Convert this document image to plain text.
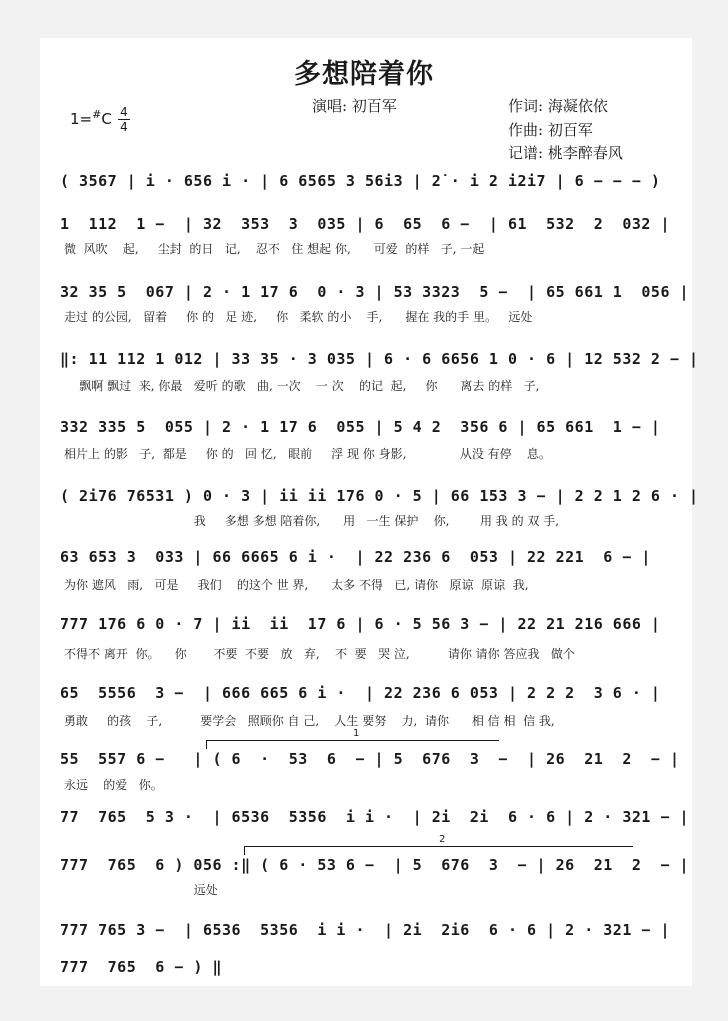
多想陪着你
演唱: 初百军	作词: 海凝依依
作曲: 初百军
记谱: 桃李醉春风
1=#C 4
4
( 3567 | i · 656 i · | 6 6565 3 56i3 | 2̇ · i 2 i2i7 | 6 − − − )
1  112  1 −  | 32  353  3  035 | 6  65  6 −  | 61  532  2  032 |
微  风吹    起,     尘封  的日   记,    忍不   住 想起 你,      可爱  的样   子, 一起
32 35 5  067 | 2 · 1 17 6  0 · 3 | 53 3323  5 −  | 65 661 1  056 |
走过 的公园,   留着     你 的   足 迹,     你   柔软 的小    手,      握在 我的手 里。   远处
‖: 11 112 1 012 | 33 35 · 3 035 | 6 · 6 6656 1 0 · 6 | 12 532 2 − |
飘啊 飘过  来, 你最   爱听 的歌   曲, 一次    一 次    的记  起,     你      离去 的样   子,
332 335 5  055 | 2 · 1 17 6  055 | 5 4 2  356 6 | 65 661  1 − |
相片上 的影   子,  都是     你 的   回 忆,   眼前     浮 现 你 身影,              从没 有停    息。
( 2i76 76531 ) 0 · 3 | ii ii 176 0 · 5 | 66 153 3 − | 2 2 1 2 6 · |
我     多想 多想 陪着你,      用   一生 保护    你,        用 我 的 双 手,
63 653 3  033 | 66 6665 6 i ·  | 22 236 6  053 | 22 221  6 − |
为你 遮风   雨,   可是     我们    的这个 世 界,      太多 不得   已, 请你   原谅  原谅  我,
777 176 6 0 · 7 | ii  ii  17 6 | 6 · 5 56 3 − | 22 21 216 666 |
不得不 离开  你。    你       不要  不要   放   弃,    不  要   哭 泣,          请你 请你 答应我   做个
65  5556  3 −  | 666 665 6 i ·  | 22 236 6 053 | 2 2 2  3 6 · |
勇敢     的孩    子,          要学会   照顾你 自 己,    人生 要努    力,  请你      相 信 相  信 我,
1
55  557 6 −   | ( 6  ·  53  6  − | 5  676  3  −  | 26  21  2  − |
永远    的爱   你。
77  765  5 3 ·  | 6536  5356  i i ·  | 2i  2i  6 · 6 | 2 · 321 − |
2
777  765  6 ) 056 :‖ ( 6 · 53 6 −  | 5  676  3  − | 26  21  2  − |
远处
777 765 3 −  | 6536  5356  i i ·  | 2i  2i6  6 · 6 | 2 · 321 − |
777  765  6 − ) ‖
